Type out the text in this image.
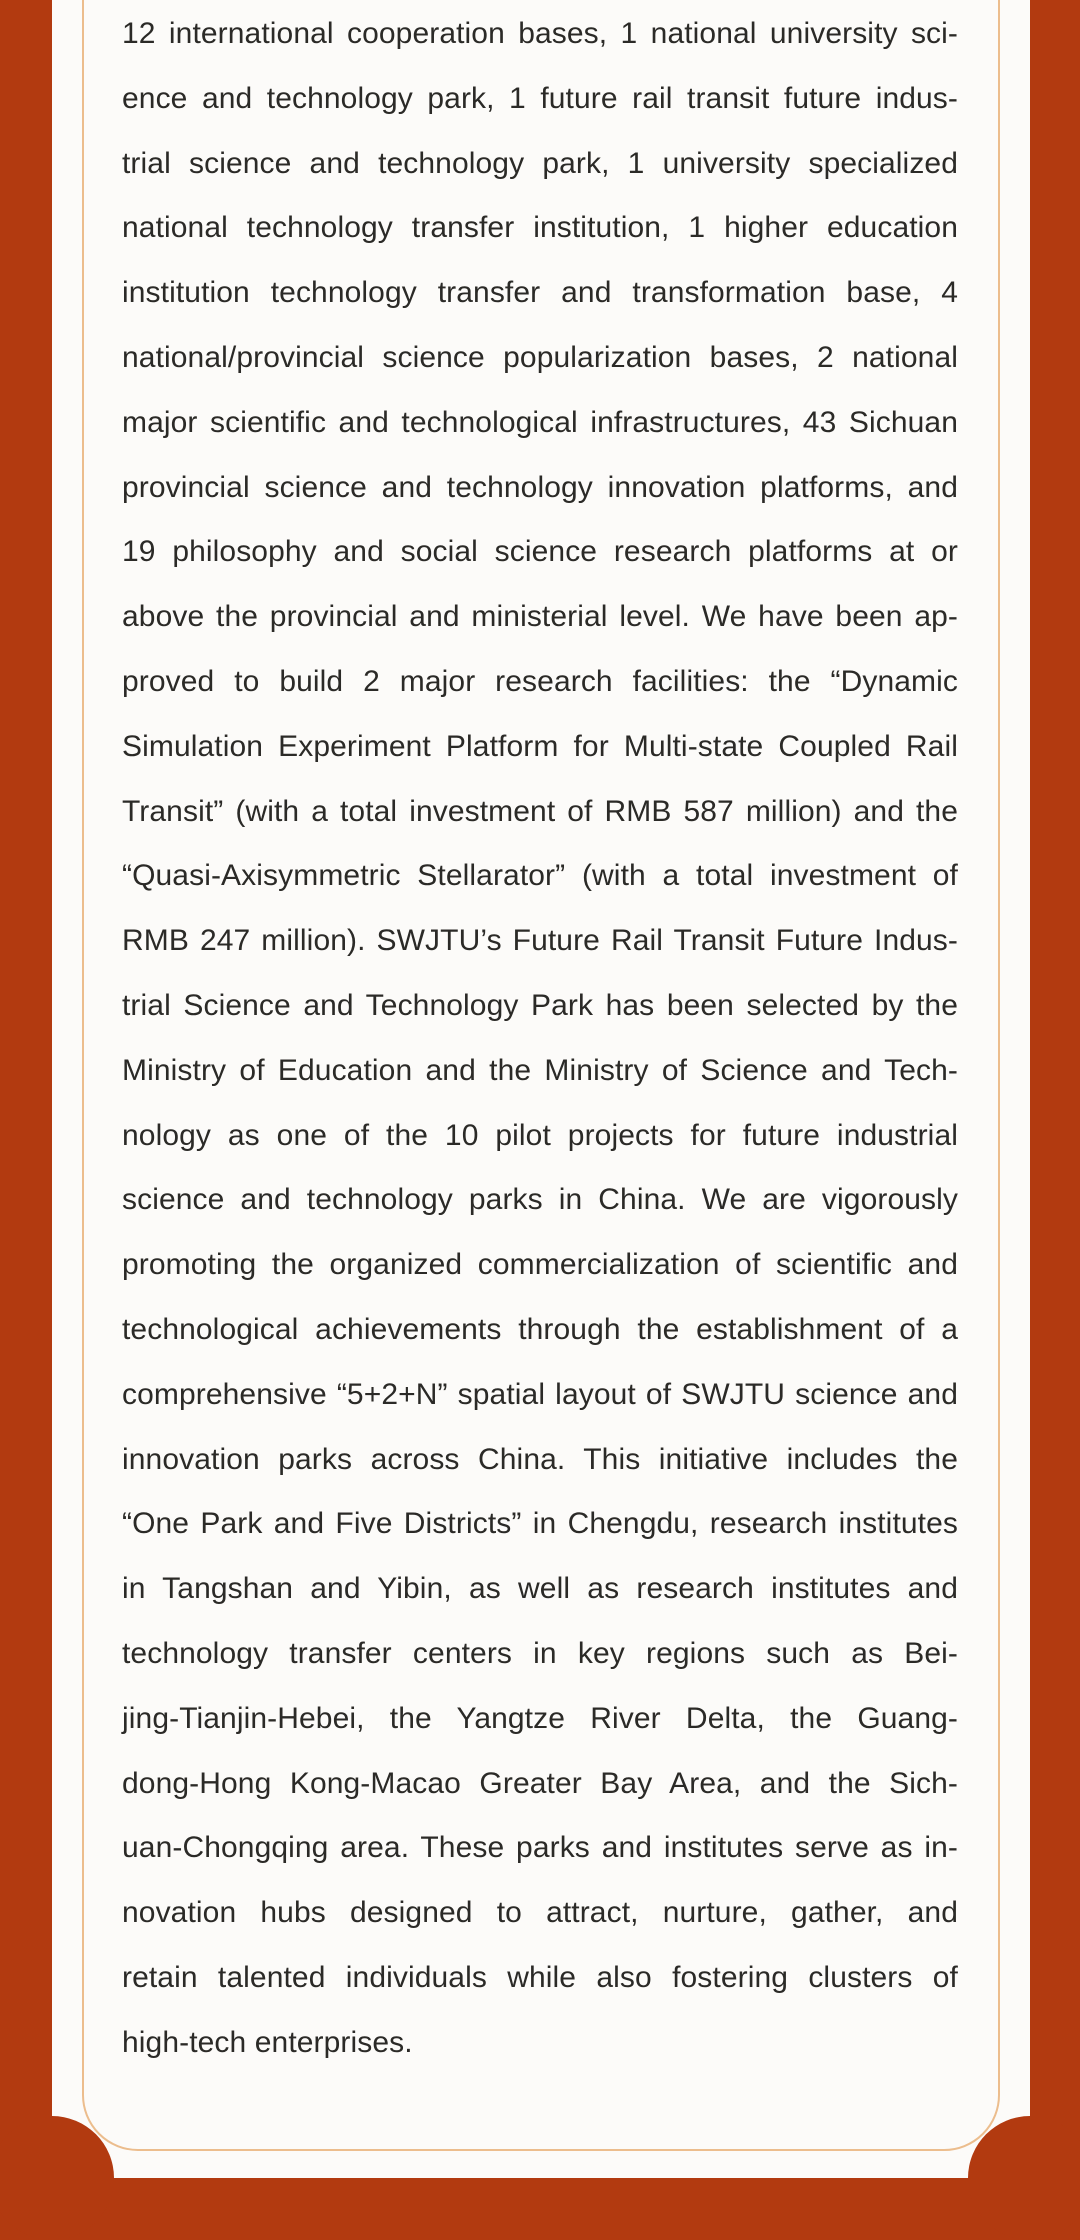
12 international cooperation bases, 1 national university sci-
ence and technology park, 1 future rail transit future indus-
trial science and technology park, 1 university specialized
national technology transfer institution, 1 higher education
institution technology transfer and transformation base, 4
national/provincial science popularization bases, 2 national
major scientific and technological infrastructures, 43 Sichuan
provincial science and technology innovation platforms, and
19 philosophy and social science research platforms at or
above the provincial and ministerial level. We have been ap-
proved to build 2 major research facilities: the “Dynamic
Simulation Experiment Platform for Multi-state Coupled Rail
Transit” (with a total investment of RMB 587 million) and the
“Quasi-Axisymmetric Stellarator” (with a total investment of
RMB 247 million). SWJTU’s Future Rail Transit Future Indus-
trial Science and Technology Park has been selected by the
Ministry of Education and the Ministry of Science and Tech-
nology as one of the 10 pilot projects for future industrial
science and technology parks in China. We are vigorously
promoting the organized commercialization of scientific and
technological achievements through the establishment of a
comprehensive “5+2+N” spatial layout of SWJTU science and
innovation parks across China. This initiative includes the
“One Park and Five Districts” in Chengdu, research institutes
in Tangshan and Yibin, as well as research institutes and
technology transfer centers in key regions such as Bei-
jing-Tianjin-Hebei, the Yangtze River Delta, the Guang-
dong-Hong Kong-Macao Greater Bay Area, and the Sich-
uan-Chongqing area. These parks and institutes serve as in-
novation hubs designed to attract, nurture, gather, and
retain talented individuals while also fostering clusters of
high-tech enterprises.
